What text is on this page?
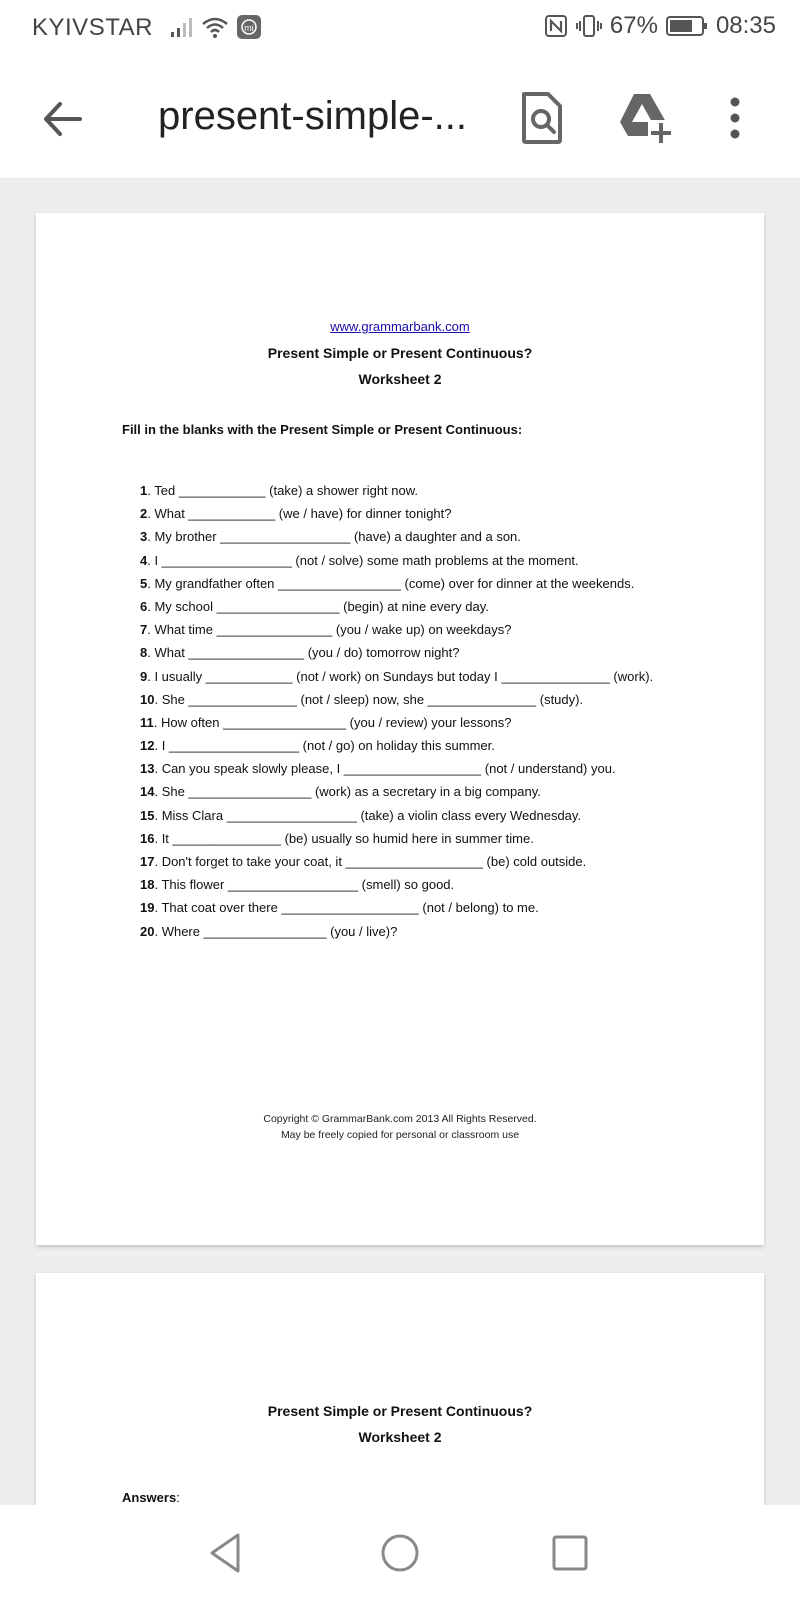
KYIVSTAR	mi	67% 08:35
present-simple-...
www.grammarbank.com
Present Simple or Present Continuous?
Worksheet 2
Fill in the blanks with the Present Simple or Present Continuous:
1. Ted ____________ (take) a shower right now.
2. What ____________ (we / have) for dinner tonight?
3. My brother __________________ (have) a daughter and a son.
4. I __________________ (not / solve) some math problems at the moment.
5. My grandfather often _________________ (come) over for dinner at the weekends.
6. My school _________________ (begin) at nine every day.
7. What time ________________ (you / wake up) on weekdays?
8. What ________________ (you / do) tomorrow night?
9. I usually ____________ (not / work) on Sundays but today I _______________ (work).
10. She _______________ (not / sleep) now, she _______________ (study).
11. How often _________________ (you / review) your lessons?
12. I __________________ (not / go) on holiday this summer.
13. Can you speak slowly please, I ___________________ (not / understand) you.
14. She _________________ (work) as a secretary in a big company.
15. Miss Clara __________________ (take) a violin class every Wednesday.
16. It _______________ (be) usually so humid here in summer time.
17. Don't forget to take your coat, it ___________________ (be) cold outside.
18. This flower __________________ (smell) so good.
19. That coat over there ___________________ (not / belong) to me.
20. Where _________________ (you / live)?
Copyright © GrammarBank.com 2013 All Rights Reserved.
May be freely copied for personal or classroom use
Present Simple or Present Continuous?
Worksheet 2
Answers:
